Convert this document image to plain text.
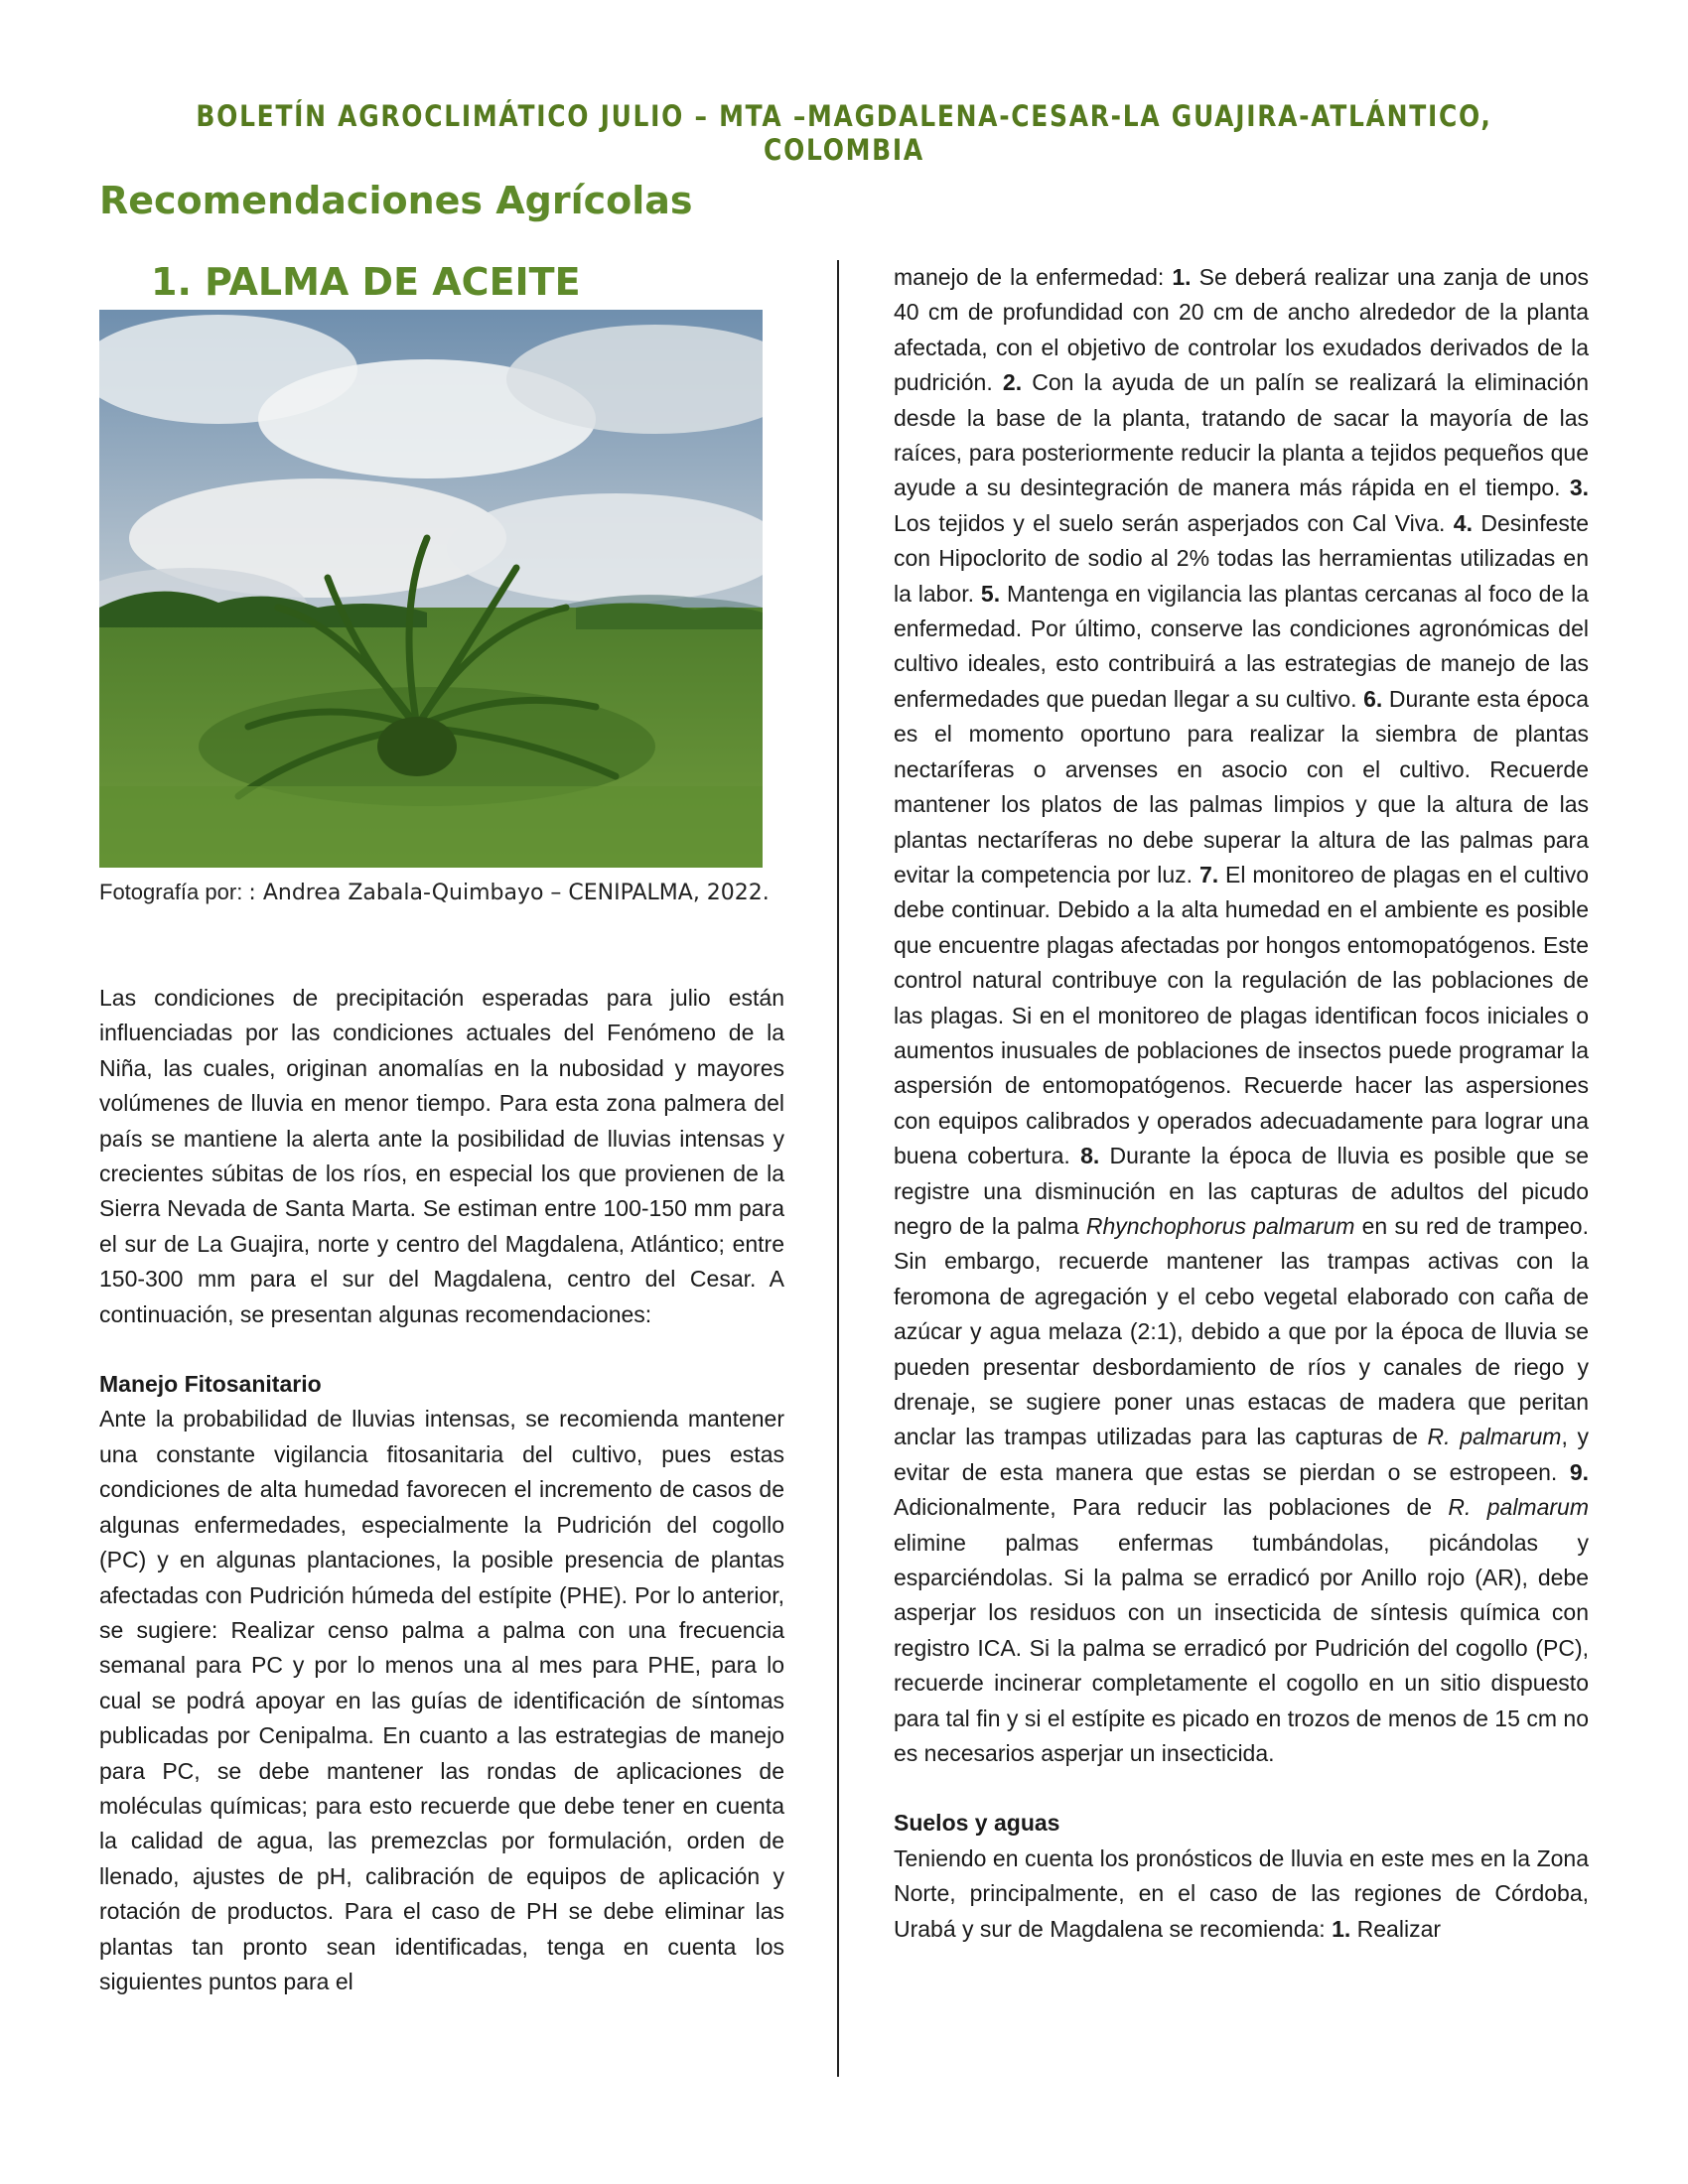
BOLETÍN AGROCLIMÁTICO JULIO – MTA –MAGDALENA-CESAR-LA GUAJIRA-ATLÁNTICO, COLOMBIA
Recomendaciones Agrícolas
1. PALMA DE ACEITE
Fotografía por: : Andrea Zabala-Quimbayo – CENIPALMA, 2022.

Las condiciones de precipitación esperadas para julio están influenciadas por las condiciones actuales del Fenómeno de la Niña, las cuales, originan anomalías en la nubosidad y mayores volúmenes de lluvia en menor tiempo. Para esta zona palmera del país se mantiene la alerta ante la posibilidad de lluvias intensas y crecientes súbitas de los ríos, en especial los que provienen de la Sierra Nevada de Santa Marta. Se estiman entre 100-150 mm para el sur de La Guajira, norte y centro del Magdalena, Atlántico; entre 150-300 mm para el sur del Magdalena, centro del Cesar. A continuación, se presentan algunas recomendaciones:

Manejo Fitosanitario
Ante la probabilidad de lluvias intensas, se recomienda mantener una constante vigilancia fitosanitaria del cultivo, pues estas condiciones de alta humedad favorecen el incremento de casos de algunas enfermedades, especialmente la Pudrición del cogollo (PC) y en algunas plantaciones, la posible presencia de plantas afectadas con Pudrición húmeda del estípite (PHE). Por lo anterior, se sugiere: Realizar censo palma a palma con una frecuencia semanal para PC y por lo menos una al mes para PHE, para lo cual se podrá apoyar en las guías de identificación de síntomas publicadas por Cenipalma. En cuanto a las estrategias de manejo para PC, se debe mantener las rondas de aplicaciones de moléculas químicas; para esto recuerde que debe tener en cuenta la calidad de agua, las premezclas por formulación, orden de llenado, ajustes de pH, calibración de equipos de aplicación y rotación de productos. Para el caso de PH se debe eliminar las plantas tan pronto sean identificadas, tenga en cuenta los siguientes puntos para el

manejo de la enfermedad: 1. Se deberá realizar una zanja de unos 40 cm de profundidad con 20 cm de ancho alrededor de la planta afectada, con el objetivo de controlar los exudados derivados de la pudrición. 2. Con la ayuda de un palín se realizará la eliminación desde la base de la planta, tratando de sacar la mayoría de las raíces, para posteriormente reducir la planta a tejidos pequeños que ayude a su desintegración de manera más rápida en el tiempo. 3. Los tejidos y el suelo serán asperjados con Cal Viva. 4. Desinfeste con Hipoclorito de sodio al 2% todas las herramientas utilizadas en la labor. 5. Mantenga en vigilancia las plantas cercanas al foco de la enfermedad. Por último, conserve las condiciones agronómicas del cultivo ideales, esto contribuirá a las estrategias de manejo de las enfermedades que puedan llegar a su cultivo. 6. Durante esta época es el momento oportuno para realizar la siembra de plantas nectaríferas o arvenses en asocio con el cultivo. Recuerde mantener los platos de las palmas limpios y que la altura de las plantas nectaríferas no debe superar la altura de las palmas para evitar la competencia por luz. 7. El monitoreo de plagas en el cultivo debe continuar. Debido a la alta humedad en el ambiente es posible que encuentre plagas afectadas por hongos entomopatógenos. Este control natural contribuye con la regulación de las poblaciones de las plagas. Si en el monitoreo de plagas identifican focos iniciales o aumentos inusuales de poblaciones de insectos puede programar la aspersión de entomopatógenos. Recuerde hacer las aspersiones con equipos calibrados y operados adecuadamente para lograr una buena cobertura. 8. Durante la época de lluvia es posible que se registre una disminución en las capturas de adultos del picudo negro de la palma Rhynchophorus palmarum en su red de trampeo. Sin embargo, recuerde mantener las trampas activas con la feromona de agregación y el cebo vegetal elaborado con caña de azúcar y agua melaza (2:1), debido a que por la época de lluvia se pueden presentar desbordamiento de ríos y canales de riego y drenaje, se sugiere poner unas estacas de madera que peritan anclar las trampas utilizadas para las capturas de R. palmarum, y evitar de esta manera que estas se pierdan o se estropeen. 9. Adicionalmente, Para reducir las poblaciones de R. palmarum elimine palmas enfermas tumbándolas, picándolas y esparciéndolas. Si la palma se erradicó por Anillo rojo (AR), debe asperjar los residuos con un insecticida de síntesis química con registro ICA. Si la palma se erradicó por Pudrición del cogollo (PC), recuerde incinerar completamente el cogollo en un sitio dispuesto para tal fin y si el estípite es picado en trozos de menos de 15 cm no es necesarios asperjar un insecticida.

Suelos y aguas
Teniendo en cuenta los pronósticos de lluvia en este mes en la Zona Norte, principalmente, en el caso de las regiones de Córdoba, Urabá y sur de Magdalena se recomienda: 1. Realizar
